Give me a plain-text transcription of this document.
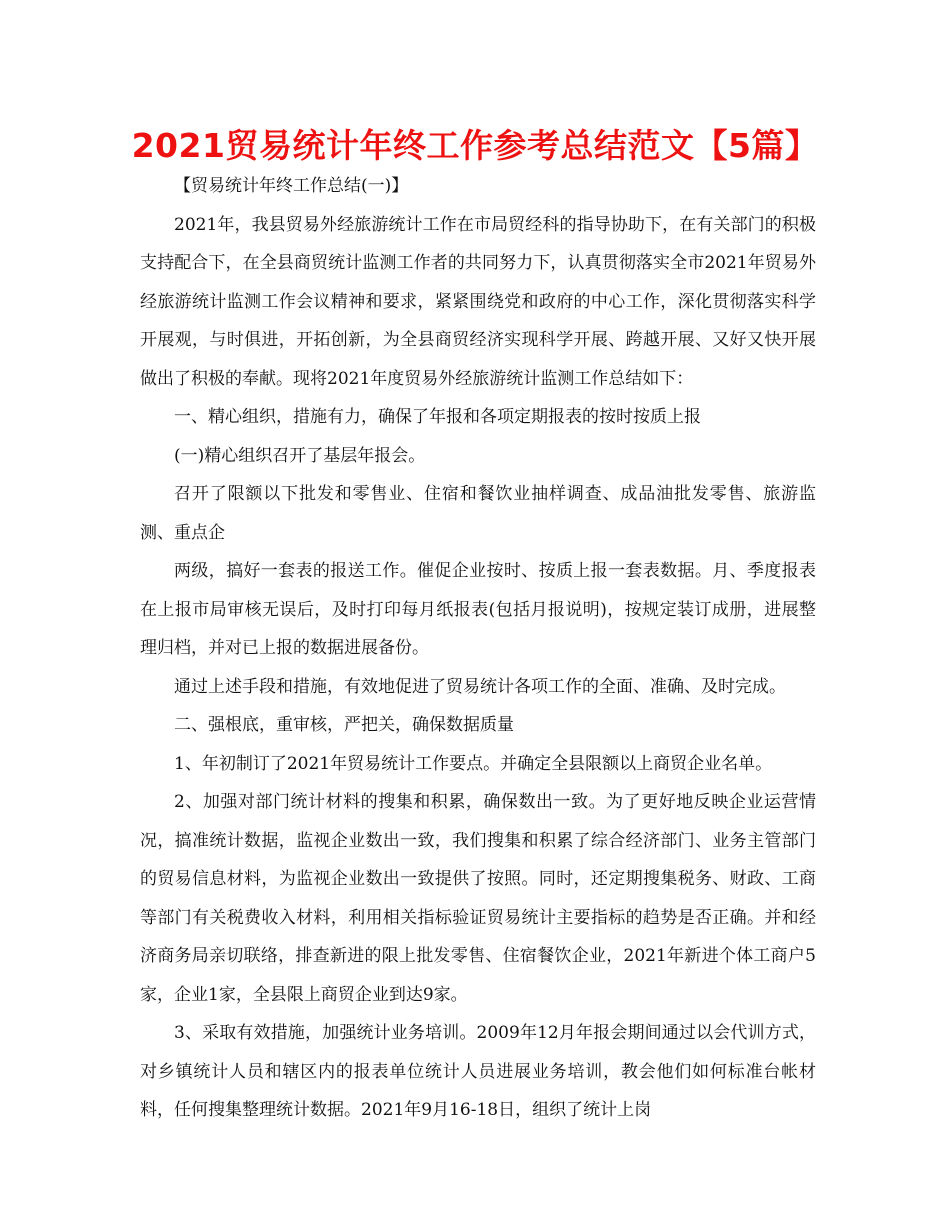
2021贸易统计年终工作参考总结范文【5篇】

【贸易统计年终工作总结(一)】

2021年，我县贸易外经旅游统计工作在市局贸经科的指导协助下，在有关部门的积极支持配合下，在全县商贸统计监测工作者的共同努力下，认真贯彻落实全市2021年贸易外经旅游统计监测工作会议精神和要求，紧紧围绕党和政府的中心工作，深化贯彻落实科学开展观，与时俱进，开拓创新，为全县商贸经济实现科学开展、跨越开展、又好又快开展做出了积极的奉献。现将2021年度贸易外经旅游统计监测工作总结如下：

一、精心组织，措施有力，确保了年报和各项定期报表的按时按质上报

(一)精心组织召开了基层年报会。

召开了限额以下批发和零售业、住宿和餐饮业抽样调查、成品油批发零售、旅游监测、重点企

两级，搞好一套表的报送工作。催促企业按时、按质上报一套表数据。月、季度报表在上报市局审核无误后，及时打印每月纸报表(包括月报说明)，按规定装订成册，进展整理归档，并对已上报的数据进展备份。

通过上述手段和措施，有效地促进了贸易统计各项工作的全面、准确、及时完成。

二、强根底，重审核，严把关，确保数据质量

1、年初制订了2021年贸易统计工作要点。并确定全县限额以上商贸企业名单。

2、加强对部门统计材料的搜集和积累，确保数出一致。为了更好地反映企业运营情况，搞准统计数据，监视企业数出一致，我们搜集和积累了综合经济部门、业务主管部门的贸易信息材料，为监视企业数出一致提供了按照。同时，还定期搜集税务、财政、工商等部门有关税费收入材料，利用相关指标验证贸易统计主要指标的趋势是否正确。并和经济商务局亲切联络，排查新进的限上批发零售、住宿餐饮企业，2021年新进个体工商户5家，企业1家，全县限上商贸企业到达9家。

3、采取有效措施，加强统计业务培训。2009年12月年报会期间通过以会代训方式，对乡镇统计人员和辖区内的报表单位统计人员进展业务培训，教会他们如何标准台帐材料，任何搜集整理统计数据。2021年9月16-18日，组织了统计上岗
